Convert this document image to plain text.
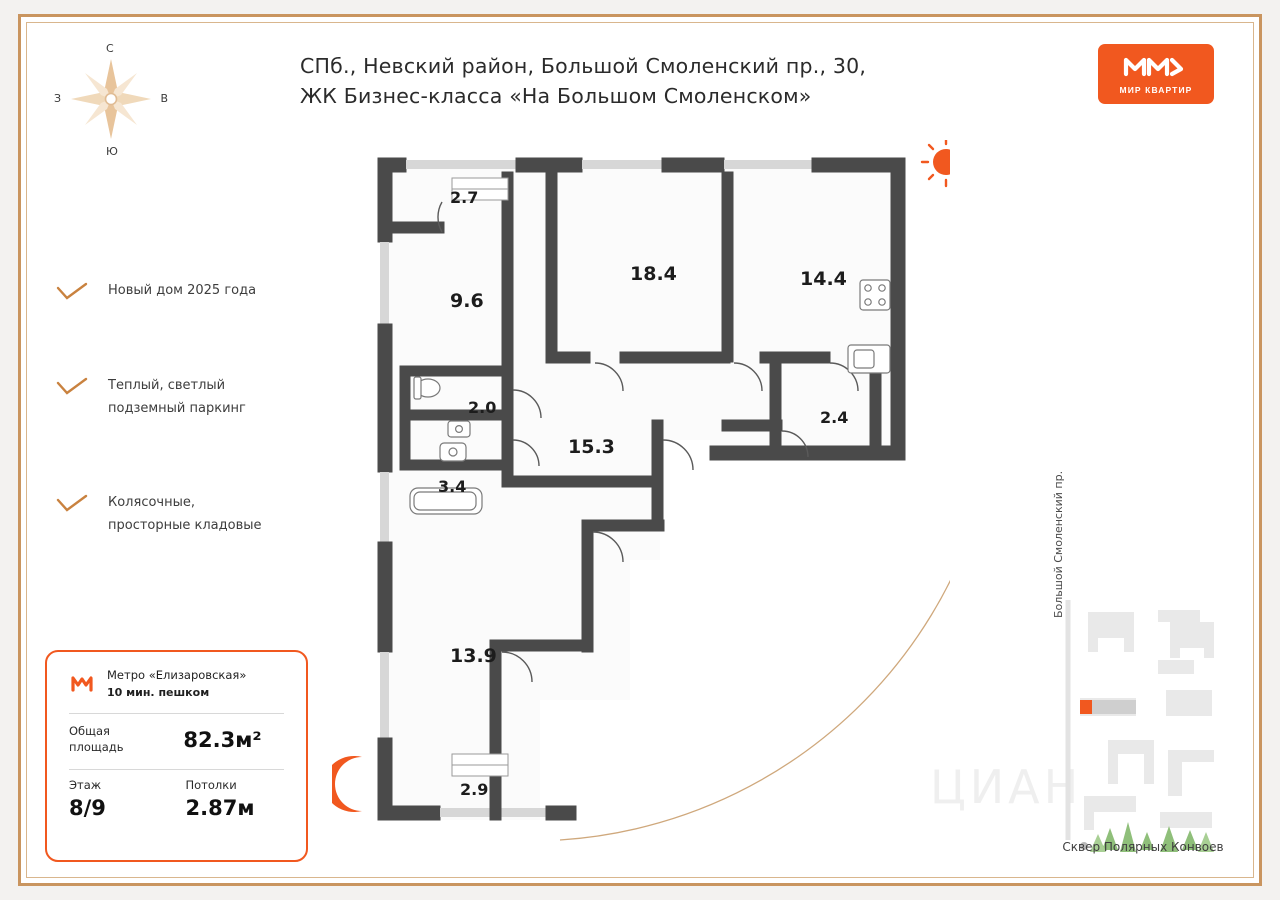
СПб., Невский район, Большой Смоленский пр., 30,
ЖК Бизнес-класса «На Большом Смоленском»	МИР КВАРТИР
С
Ю
З	В
Новый дом 2025 года
Теплый, светлый
подземный паркинг
Колясочные,
просторные кладовые
Метро «Елизаровская»
10 мин. пешком
Общая
площадь	82.3м²
Этаж
8/9
Потолки
2.87м
2.7
18.4	14.4
9.6
2.0
3.4
15.3
2.4
13.9
2.9
Большой Смоленский пр.
Сквер Полярных Конвоев
